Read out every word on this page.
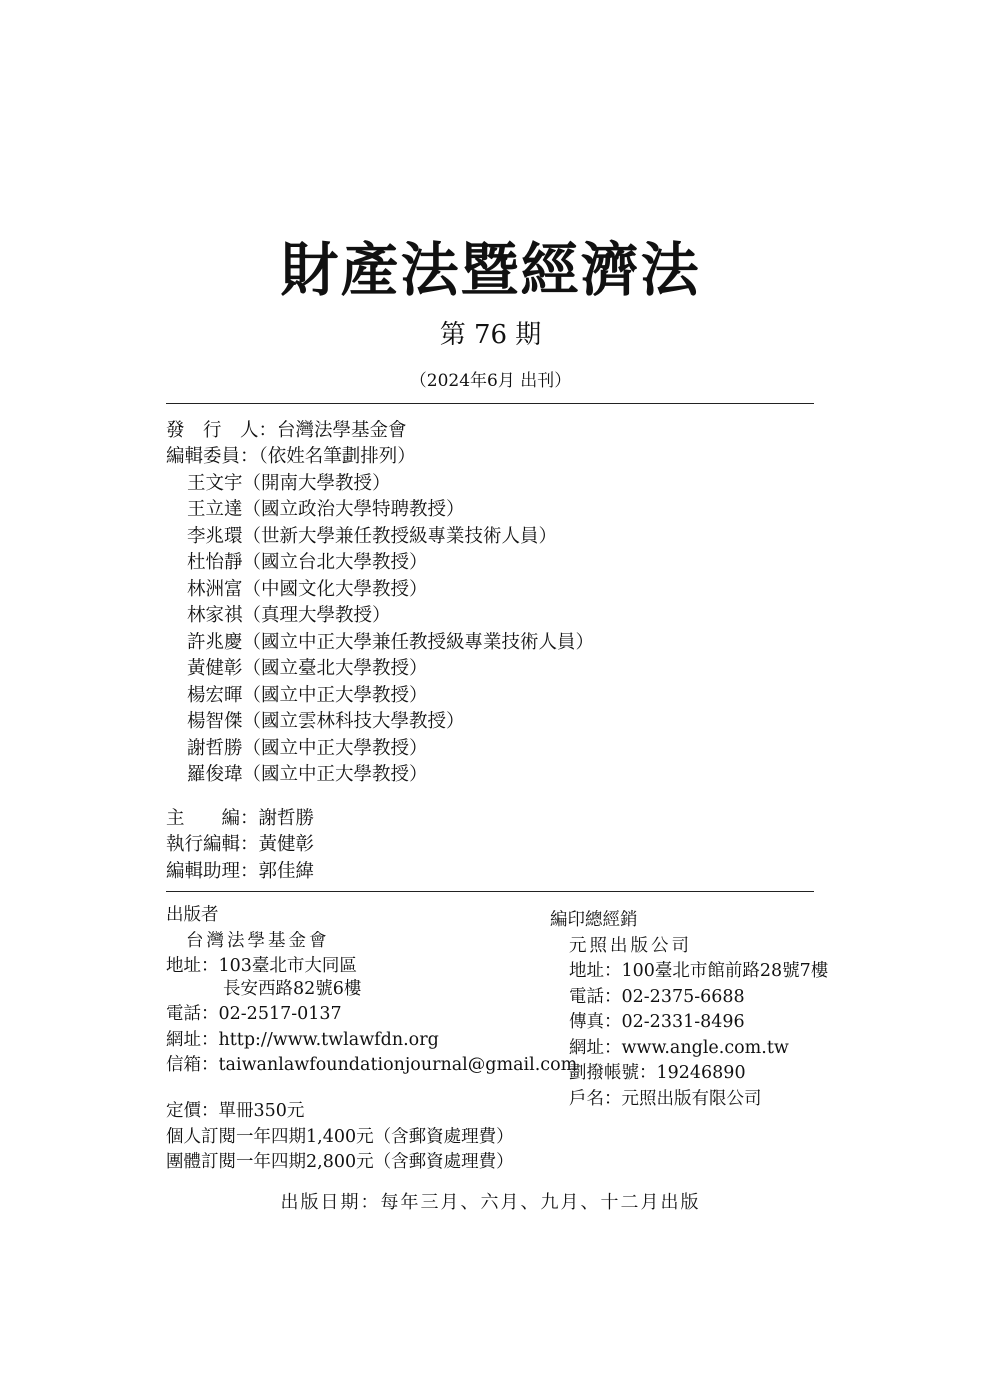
財產法暨經濟法
第 76 期
（2024年6月 出刊）
發　行　人：台灣法學基金會
編輯委員：（依姓名筆劃排列）
王文宇（開南大學教授）
王立達（國立政治大學特聘教授）
李兆環（世新大學兼任教授級專業技術人員）
杜怡靜（國立台北大學教授）
林洲富（中國文化大學教授）
林家祺（真理大學教授）
許兆慶（國立中正大學兼任教授級專業技術人員）
黃健彰（國立臺北大學教授）
楊宏暉（國立中正大學教授）
楊智傑（國立雲林科技大學教授）
謝哲勝（國立中正大學教授）
羅俊瑋（國立中正大學教授）
主　　編：謝哲勝
執行編輯：黃健彰
編輯助理：郭佳緯
出版者
台灣法學基金會
地址：103臺北市大同區
長安西路82號6樓
電話：02-2517-0137
網址：http://www.twlawfdn.org
信箱：taiwanlawfoundationjournal@gmail.com
編印總經銷
元照出版公司
地址：100臺北市館前路28號7樓
電話：02-2375-6688
傳真：02-2331-8496
網址：www.angle.com.tw
劃撥帳號：19246890
戶名：元照出版有限公司
定價：單冊350元
個人訂閱一年四期1,400元（含郵資處理費）
團體訂閱一年四期2,800元（含郵資處理費）
出版日期：每年三月、六月、九月、十二月出版
